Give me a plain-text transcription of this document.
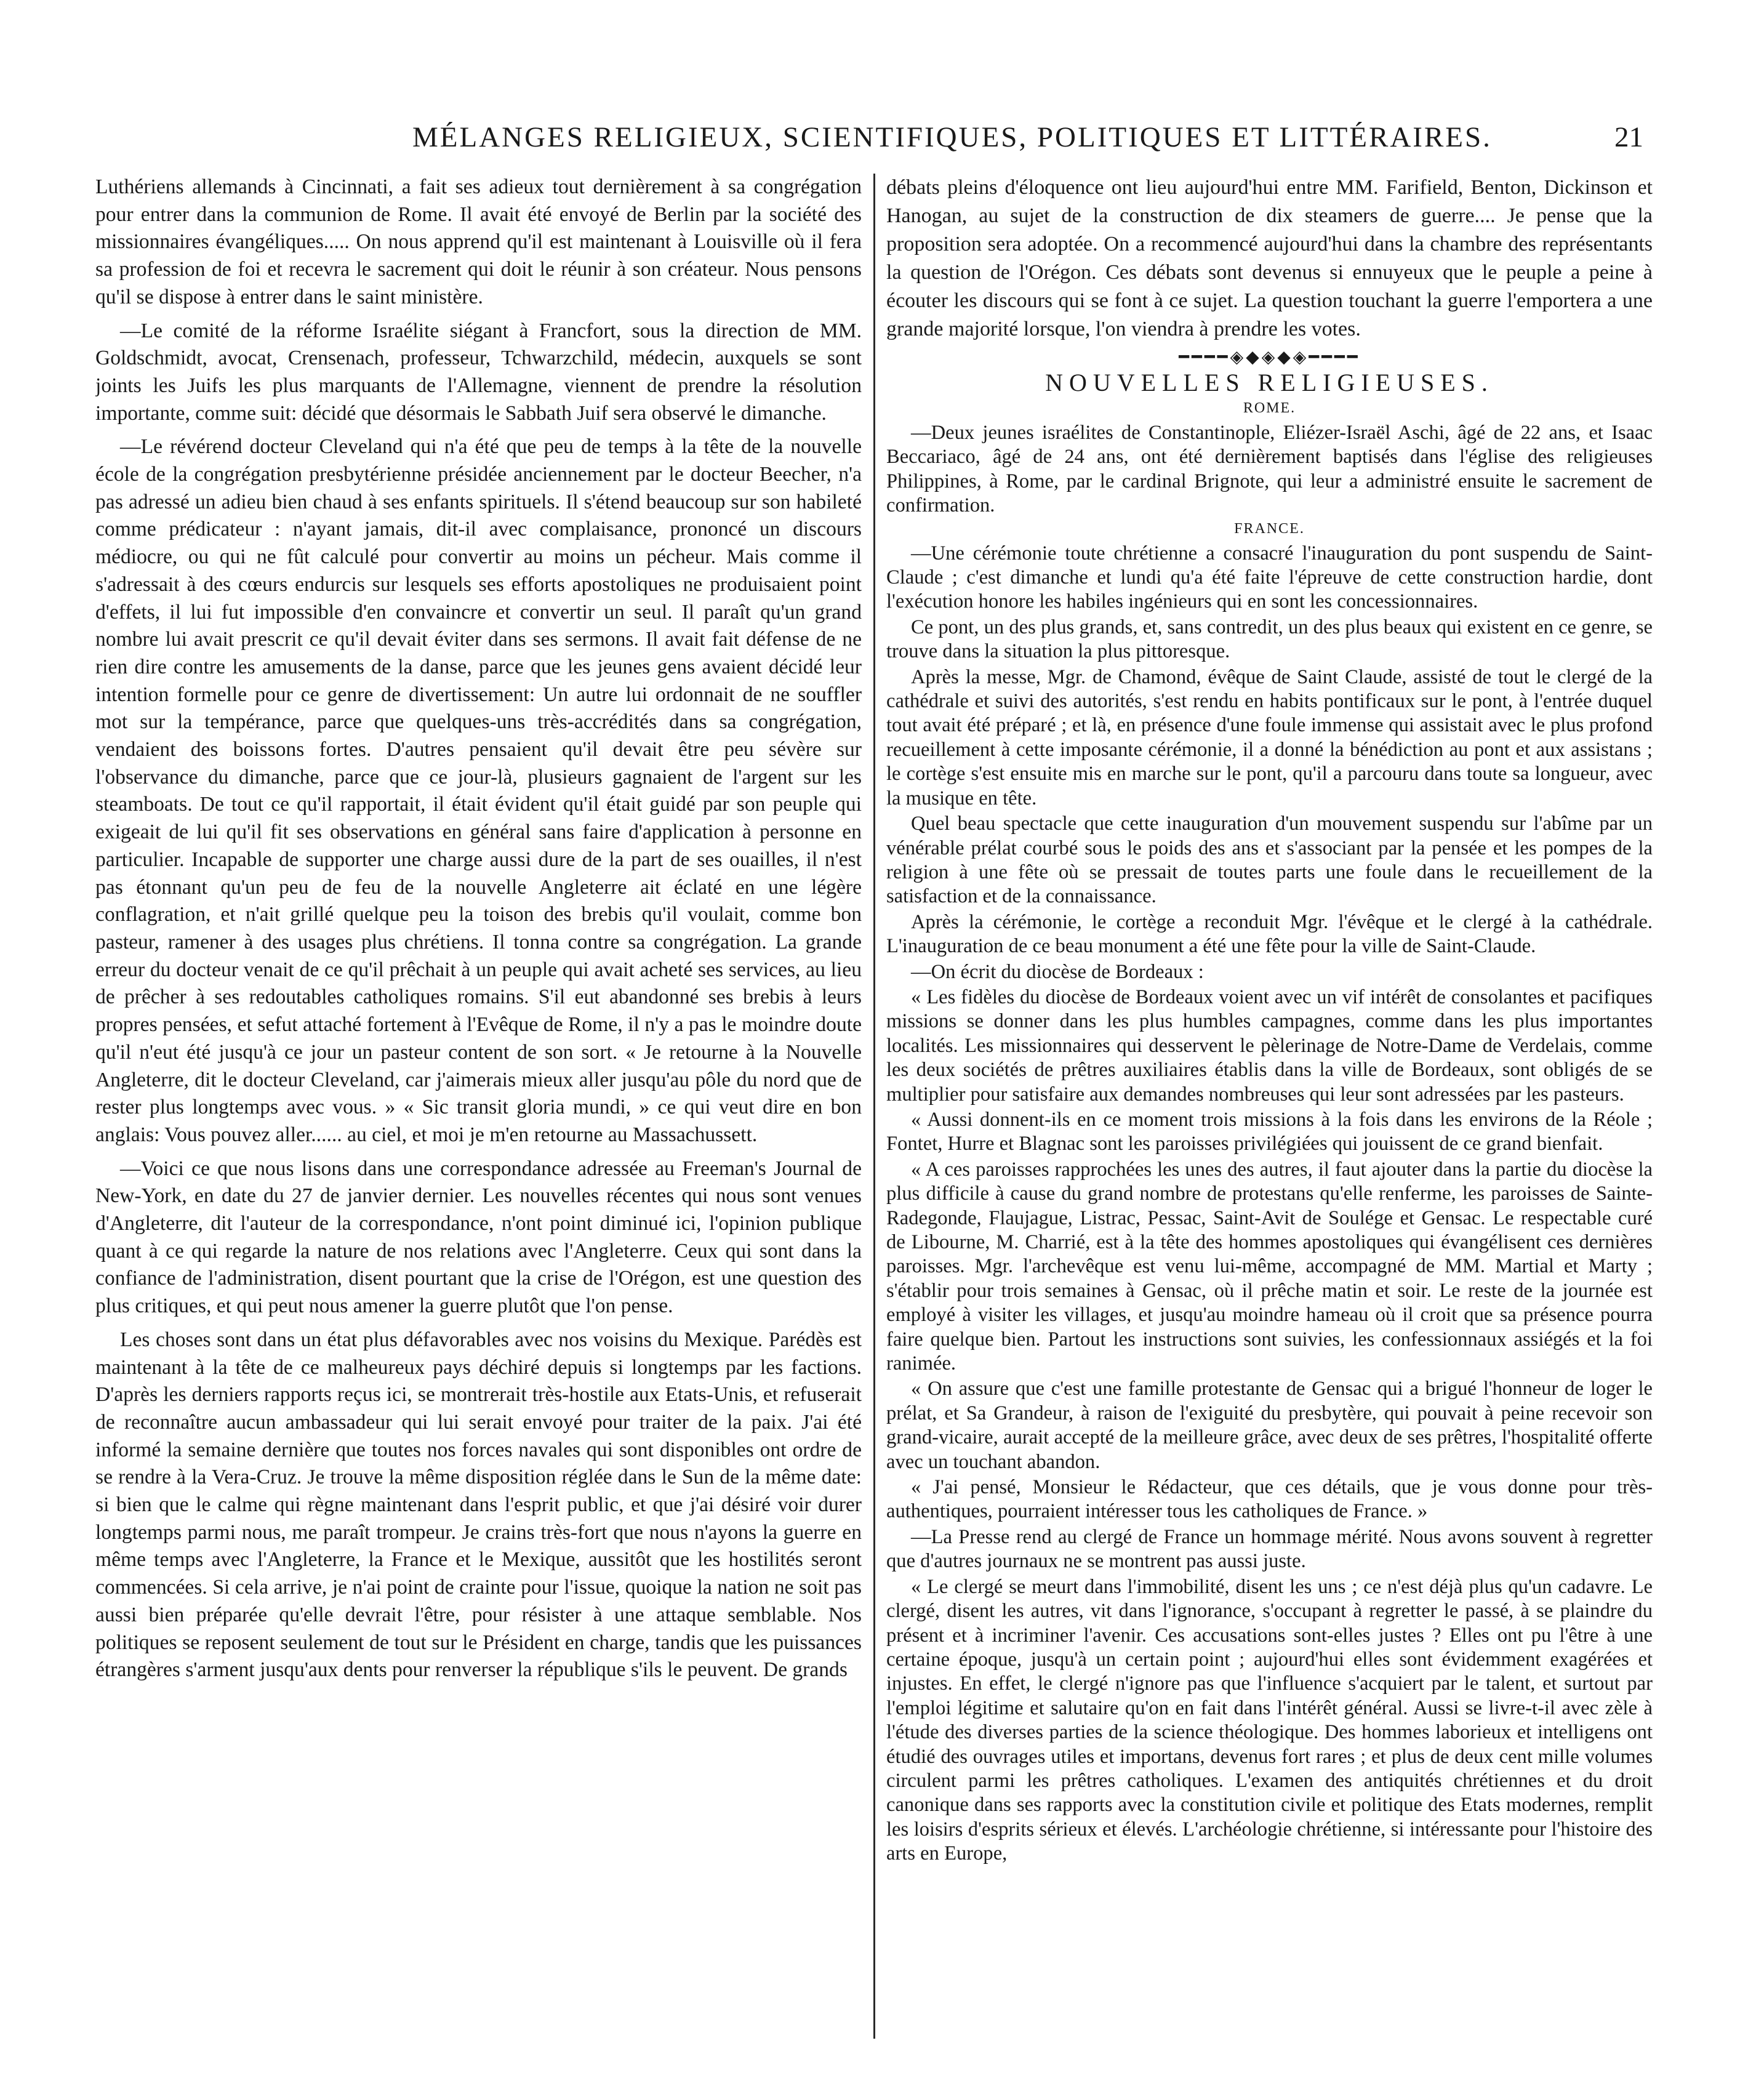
MÉLANGES RELIGIEUX, SCIENTIFIQUES, POLITIQUES ET LITTÉRAIRES.	21

Luthériens allemands à Cincinnati, a fait ses adieux tout dernièrement à sa congrégation pour entrer dans la communion de Rome. Il avait été envoyé de Berlin par la société des missionnaires évangéliques..... On nous apprend qu'il est maintenant à Louisville où il fera sa profession de foi et recevra le sacrement qui doit le réunir à son créateur. Nous pensons qu'il se dispose à entrer dans le saint ministère.

—Le comité de la réforme Israélite siégant à Francfort, sous la direction de MM. Goldschmidt, avocat, Crensenach, professeur, Tchwarzchild, médecin, auxquels se sont joints les Juifs les plus marquants de l'Allemagne, viennent de prendre la résolution importante, comme suit: décidé que désormais le Sabbath Juif sera observé le dimanche.

—Le révérend docteur Cleveland qui n'a été que peu de temps à la tête de la nouvelle école de la congrégation presbytérienne présidée anciennement par le docteur Beecher, n'a pas adressé un adieu bien chaud à ses enfants spirituels. Il s'étend beaucoup sur son habileté comme prédicateur : n'ayant jamais, dit-il avec complaisance, prononcé un discours médiocre, ou qui ne fût calculé pour convertir au moins un pécheur. Mais comme il s'adressait à des cœurs endurcis sur lesquels ses efforts apostoliques ne produisaient point d'effets, il lui fut impossible d'en convaincre et convertir un seul. Il paraît qu'un grand nombre lui avait prescrit ce qu'il devait éviter dans ses sermons. Il avait fait défense de ne rien dire contre les amusements de la danse, parce que les jeunes gens avaient décidé leur intention formelle pour ce genre de divertissement: Un autre lui ordonnait de ne souffler mot sur la tempérance, parce que quelques-uns très-accrédités dans sa congrégation, vendaient des boissons fortes. D'autres pensaient qu'il devait être peu sévère sur l'observance du dimanche, parce que ce jour-là, plusieurs gagnaient de l'argent sur les steamboats. De tout ce qu'il rapportait, il était évident qu'il était guidé par son peuple qui exigeait de lui qu'il fit ses observations en général sans faire d'application à personne en particulier. Incapable de supporter une charge aussi dure de la part de ses ouailles, il n'est pas étonnant qu'un peu de feu de la nouvelle Angleterre ait éclaté en une légère conflagration, et n'ait grillé quelque peu la toison des brebis qu'il voulait, comme bon pasteur, ramener à des usages plus chrétiens. Il tonna contre sa congrégation. La grande erreur du docteur venait de ce qu'il prêchait à un peuple qui avait acheté ses services, au lieu de prêcher à ses redoutables catholiques romains. S'il eut abandonné ses brebis à leurs propres pensées, et sefut attaché fortement à l'Evêque de Rome, il n'y a pas le moindre doute qu'il n'eut été jusqu'à ce jour un pasteur content de son sort. « Je retourne à la Nouvelle Angleterre, dit le docteur Cleveland, car j'aimerais mieux aller jusqu'au pôle du nord que de rester plus longtemps avec vous. » « Sic transit gloria mundi, » ce qui veut dire en bon anglais: Vous pouvez aller...... au ciel, et moi je m'en retourne au Massachussett.

—Voici ce que nous lisons dans une correspondance adressée au Freeman's Journal de New-York, en date du 27 de janvier dernier. Les nouvelles récentes qui nous sont venues d'Angleterre, dit l'auteur de la correspondance, n'ont point diminué ici, l'opinion publique quant à ce qui regarde la nature de nos relations avec l'Angleterre. Ceux qui sont dans la confiance de l'administration, disent pourtant que la crise de l'Orégon, est une question des plus critiques, et qui peut nous amener la guerre plutôt que l'on pense.

Les choses sont dans un état plus défavorables avec nos voisins du Mexique. Parédès est maintenant à la tête de ce malheureux pays déchiré depuis si longtemps par les factions. D'après les derniers rapports reçus ici, se montrerait très-hostile aux Etats-Unis, et refuserait de reconnaître aucun ambassadeur qui lui serait envoyé pour traiter de la paix. J'ai été informé la semaine dernière que toutes nos forces navales qui sont disponibles ont ordre de se rendre à la Vera-Cruz. Je trouve la même disposition réglée dans le Sun de la même date: si bien que le calme qui règne maintenant dans l'esprit public, et que j'ai désiré voir durer longtemps parmi nous, me paraît trompeur. Je crains très-fort que nous n'ayons la guerre en même temps avec l'Angleterre, la France et le Mexique, aussitôt que les hostilités seront commencées. Si cela arrive, je n'ai point de crainte pour l'issue, quoique la nation ne soit pas aussi bien préparée qu'elle devrait l'être, pour résister à une attaque semblable. Nos politiques se reposent seulement de tout sur le Président en charge, tandis que les puissances étrangères s'arment jusqu'aux dents pour renverser la république s'ils le peuvent. De grands

débats pleins d'éloquence ont lieu aujourd'hui entre MM. Farifield, Benton, Dickinson et Hanogan, au sujet de la construction de dix steamers de guerre.... Je pense que la proposition sera adoptée. On a recommencé aujourd'hui dans la chambre des représentants la question de l'Orégon. Ces débats sont devenus si ennuyeux que le peuple a peine à écouter les discours qui se font à ce sujet. La question touchant la guerre l'emportera a une grande majorité lorsque, l'on viendra à prendre les votes.

━━━━◈◆◈◆◈━━━━
NOUVELLES RELIGIEUSES.
ROME.

—Deux jeunes israélites de Constantinople, Eliézer-Israël Aschi, âgé de 22 ans, et Isaac Beccariaco, âgé de 24 ans, ont été dernièrement baptisés dans l'église des religieuses Philippines, à Rome, par le cardinal Brignote, qui leur a administré ensuite le sacrement de confirmation.

FRANCE.

—Une cérémonie toute chrétienne a consacré l'inauguration du pont suspendu de Saint-Claude ; c'est dimanche et lundi qu'a été faite l'épreuve de cette construction hardie, dont l'exécution honore les habiles ingénieurs qui en sont les concessionnaires.

Ce pont, un des plus grands, et, sans contredit, un des plus beaux qui existent en ce genre, se trouve dans la situation la plus pittoresque.

Après la messe, Mgr. de Chamond, évêque de Saint Claude, assisté de tout le clergé de la cathédrale et suivi des autorités, s'est rendu en habits pontificaux sur le pont, à l'entrée duquel tout avait été préparé ; et là, en présence d'une foule immense qui assistait avec le plus profond recueillement à cette imposante cérémonie, il a donné la bénédiction au pont et aux assistans ; le cortège s'est ensuite mis en marche sur le pont, qu'il a parcouru dans toute sa longueur, avec la musique en tête.

Quel beau spectacle que cette inauguration d'un mouvement suspendu sur l'abîme par un vénérable prélat courbé sous le poids des ans et s'associant par la pensée et les pompes de la religion à une fête où se pressait de toutes parts une foule dans le recueillement de la satisfaction et de la connaissance.

Après la cérémonie, le cortège a reconduit Mgr. l'évêque et le clergé à la cathédrale. L'inauguration de ce beau monument a été une fête pour la ville de Saint-Claude.

—On écrit du diocèse de Bordeaux :

« Les fidèles du diocèse de Bordeaux voient avec un vif intérêt de consolantes et pacifiques missions se donner dans les plus humbles campagnes, comme dans les plus importantes localités. Les missionnaires qui desservent le pèlerinage de Notre-Dame de Verdelais, comme les deux sociétés de prêtres auxiliaires établis dans la ville de Bordeaux, sont obligés de se multiplier pour satisfaire aux demandes nombreuses qui leur sont adressées par les pasteurs.

« Aussi donnent-ils en ce moment trois missions à la fois dans les environs de la Réole ; Fontet, Hurre et Blagnac sont les paroisses privilégiées qui jouissent de ce grand bienfait.

« A ces paroisses rapprochées les unes des autres, il faut ajouter dans la partie du diocèse la plus difficile à cause du grand nombre de protestans qu'elle renferme, les paroisses de Sainte-Radegonde, Flaujague, Listrac, Pessac, Saint-Avit de Soulége et Gensac. Le respectable curé de Libourne, M. Charrié, est à la tête des hommes apostoliques qui évangélisent ces dernières paroisses. Mgr. l'archevêque est venu lui-même, accompagné de MM. Martial et Marty ; s'établir pour trois semaines à Gensac, où il prêche matin et soir. Le reste de la journée est employé à visiter les villages, et jusqu'au moindre hameau où il croit que sa présence pourra faire quelque bien. Partout les instructions sont suivies, les confessionnaux assiégés et la foi ranimée.

« On assure que c'est une famille protestante de Gensac qui a brigué l'honneur de loger le prélat, et Sa Grandeur, à raison de l'exiguité du presbytère, qui pouvait à peine recevoir son grand-vicaire, aurait accepté de la meilleure grâce, avec deux de ses prêtres, l'hospitalité offerte avec un touchant abandon.

« J'ai pensé, Monsieur le Rédacteur, que ces détails, que je vous donne pour très-authentiques, pourraient intéresser tous les catholiques de France. »

—La Presse rend au clergé de France un hommage mérité. Nous avons souvent à regretter que d'autres journaux ne se montrent pas aussi juste.

« Le clergé se meurt dans l'immobilité, disent les uns ; ce n'est déjà plus qu'un cadavre. Le clergé, disent les autres, vit dans l'ignorance, s'occupant à regretter le passé, à se plaindre du présent et à incriminer l'avenir. Ces accusations sont-elles justes ? Elles ont pu l'être à une certaine époque, jusqu'à un certain point ; aujourd'hui elles sont évidemment exagérées et injustes. En effet, le clergé n'ignore pas que l'influence s'acquiert par le talent, et surtout par l'emploi légitime et salutaire qu'on en fait dans l'intérêt général. Aussi se livre-t-il avec zèle à l'étude des diverses parties de la science théologique. Des hommes laborieux et intelligens ont étudié des ouvrages utiles et importans, devenus fort rares ; et plus de deux cent mille volumes circulent parmi les prêtres catholiques. L'examen des antiquités chrétiennes et du droit canonique dans ses rapports avec la constitution civile et politique des Etats modernes, remplit les loisirs d'esprits sérieux et élevés. L'archéologie chrétienne, si intéressante pour l'histoire des arts en Europe,
